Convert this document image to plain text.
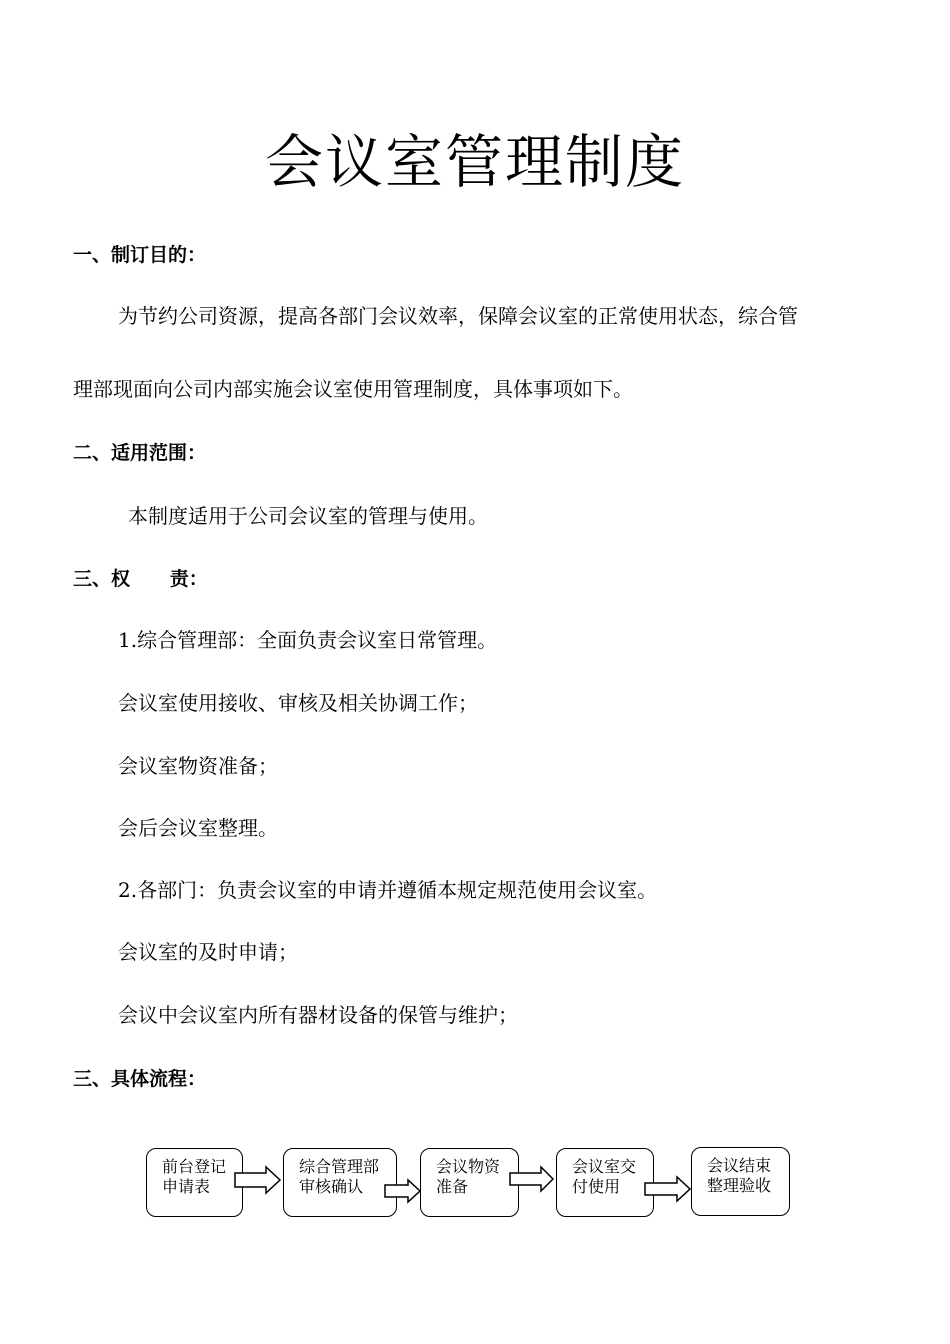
会议室管理制度
一、制订目的：
为节约公司资源，提高各部门会议效率，保障会议室的正常使用状态，综合管
理部现面向公司内部实施会议室使用管理制度，具体事项如下。
二、适用范围：
本制度适用于公司会议室的管理与使用。
三、权      责：
1.综合管理部：全面负责会议室日常管理。
会议室使用接收、审核及相关协调工作；
会议室物资准备；
会后会议室整理。
2.各部门：负责会议室的申请并遵循本规定规范使用会议室。
会议室的及时申请；
会议中会议室内所有器材设备的保管与维护；
三、具体流程：
前台登记
申请表
综合管理部
审核确认
会议物资
准备
会议室交
付使用
会议结束
整理验收
